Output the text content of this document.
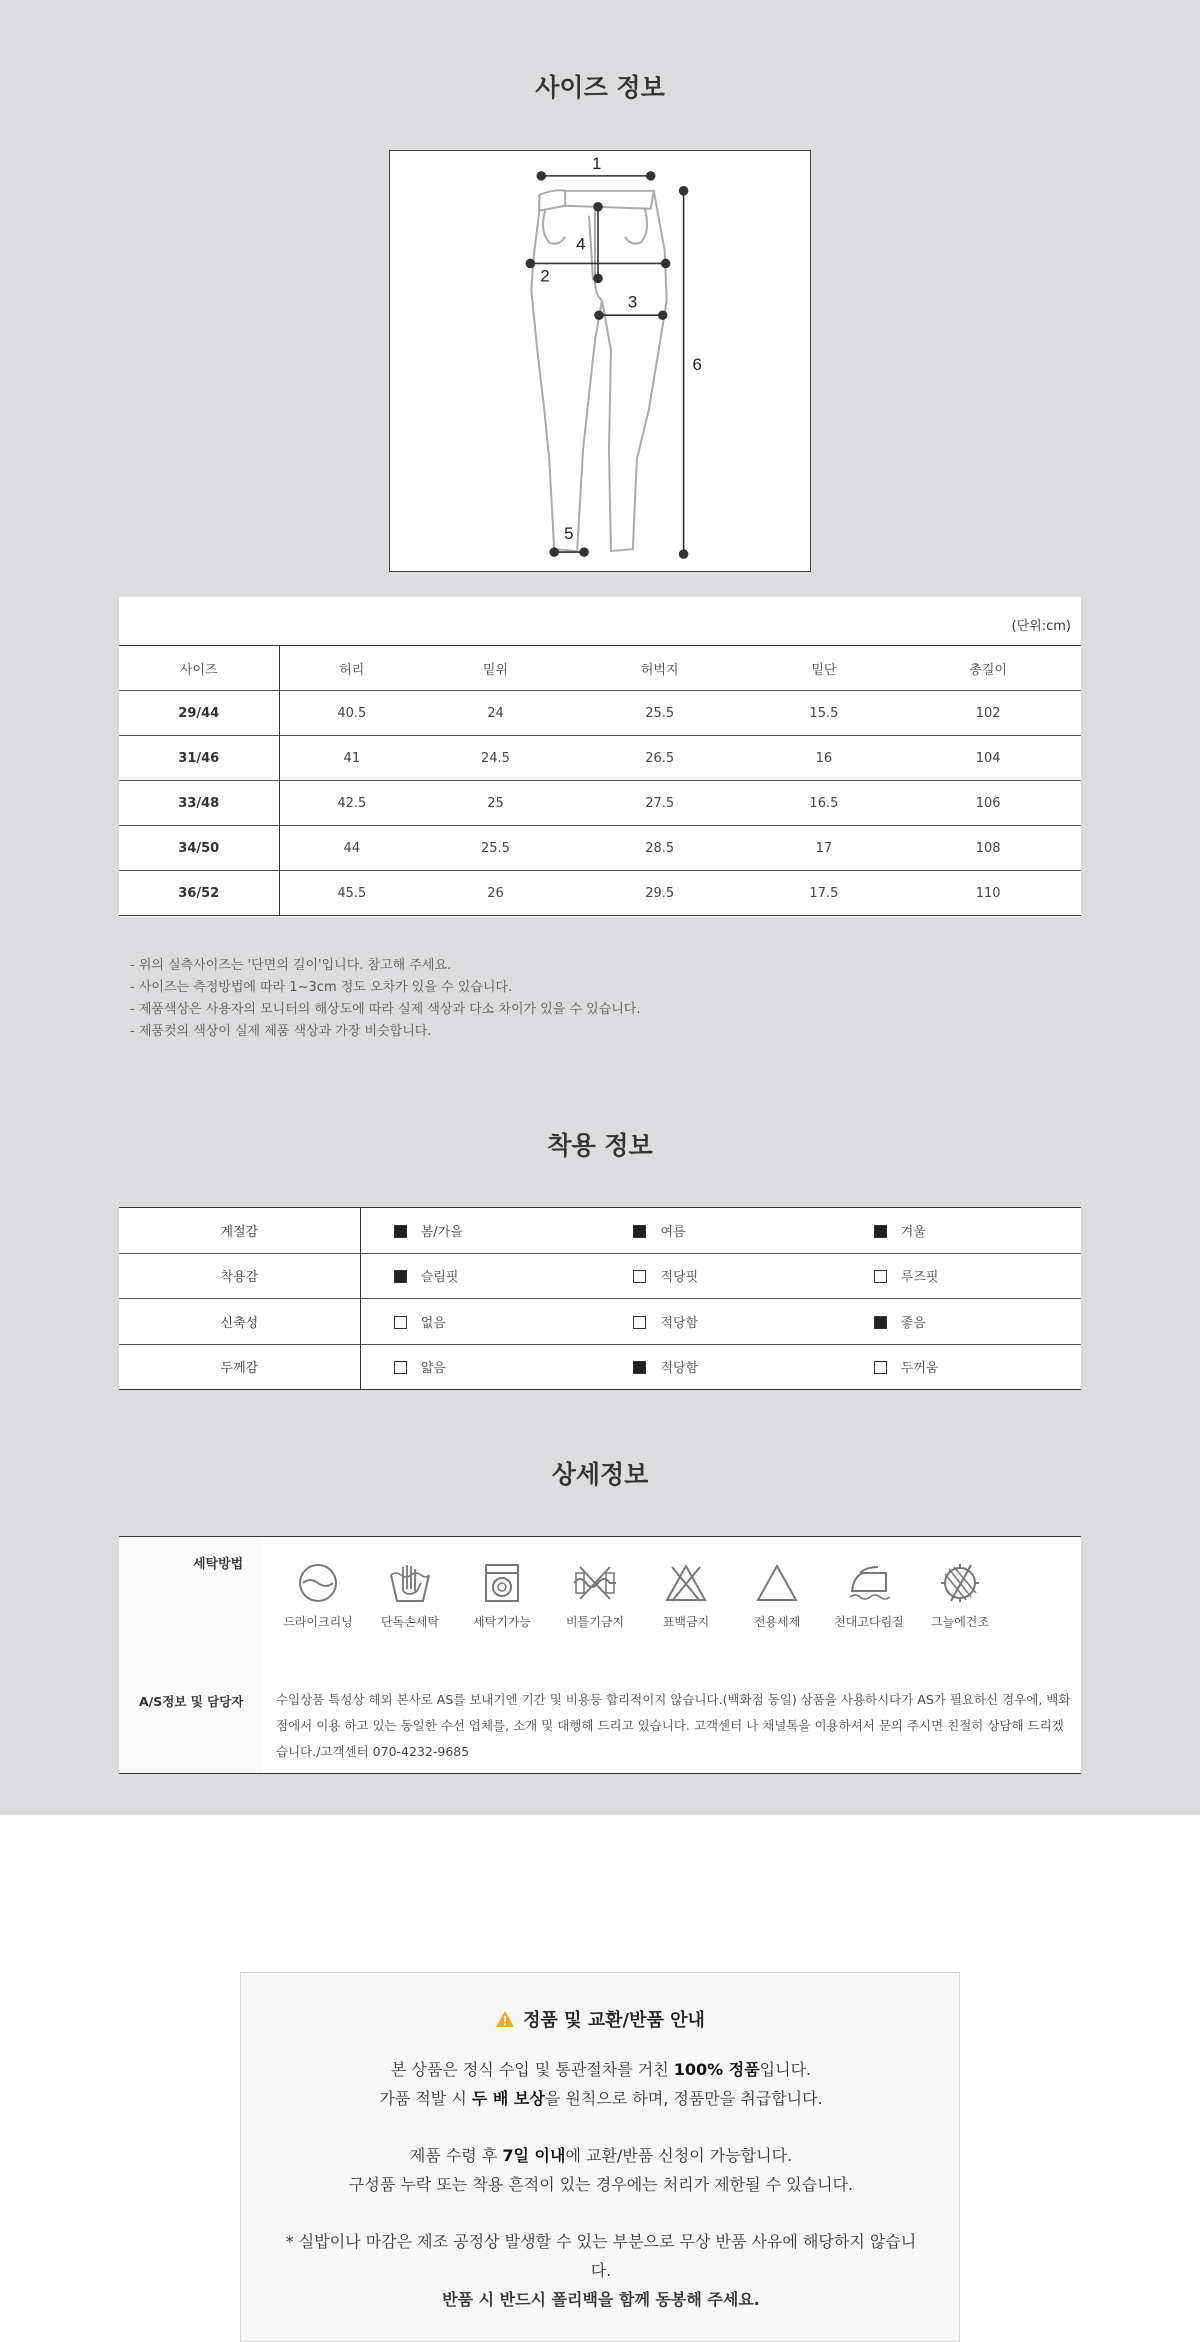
사이즈 정보
1
2
3
4
5
6
(단위:cm)
사이즈	허리	밑위	허벅지	밑단	총길이
29/44	40.5	24	25.5	15.5	102
31/46	41	24.5	26.5	16	104
33/48	42.5	25	27.5	16.5	106
34/50	44	25.5	28.5	17	108
36/52	45.5	26	29.5	17.5	110
- 위의 실측사이즈는 '단면의 길이'입니다. 참고해 주세요.
- 사이즈는 측정방법에 따라 1~3cm 정도 오차가 있을 수 있습니다.
- 제품색상은 사용자의 모니터의 해상도에 따라 실제 색상과 다소 차이가 있을 수 있습니다.
- 제품컷의 색상이 실제 제품 색상과 가장 비슷합니다.
착용 정보
계절감	봄/가을	여름	겨울
착용감	슬림핏	적당핏	루즈핏
신축성	없음	적당함	좋음
두께감	얇음	적당함	두꺼움
상세정보
세탁방법
드라이크리닝	단독손세탁	세탁기가능	비틀기금지	표백금지	전용세제	천대고다림질	그늘에건조
A/S정보 및 담당자	수입상품 특성상 해외 본사로 AS를 보내기엔 기간 및 비용등 합리적이지 않습니다.(백화점 동일) 상품을 사용하시다가 AS가 필요하신 경우에, 백화점에서 이용 하고 있는 동일한 수선 업체를, 소개 및 대행해 드리고 있습니다. 고객센터 나 채널톡을 이용하셔서 문의 주시면 친절히 상담해 드리겠습니다./고객센터 070-4232-9685
정품 및 교환/반품 안내
본 상품은 정식 수입 및 통관절차를 거친 100% 정품입니다.
가품 적발 시 두 배 보상을 원칙으로 하며, 정품만을 취급합니다.
제품 수령 후 7일 이내에 교환/반품 신청이 가능합니다.
구성품 누락 또는 착용 흔적이 있는 경우에는 처리가 제한될 수 있습니다.
* 실밥이나 마감은 제조 공정상 발생할 수 있는 부분으로 무상 반품 사유에 해당하지 않습니
다.
반품 시 반드시 폴리백을 함께 동봉해 주세요.
